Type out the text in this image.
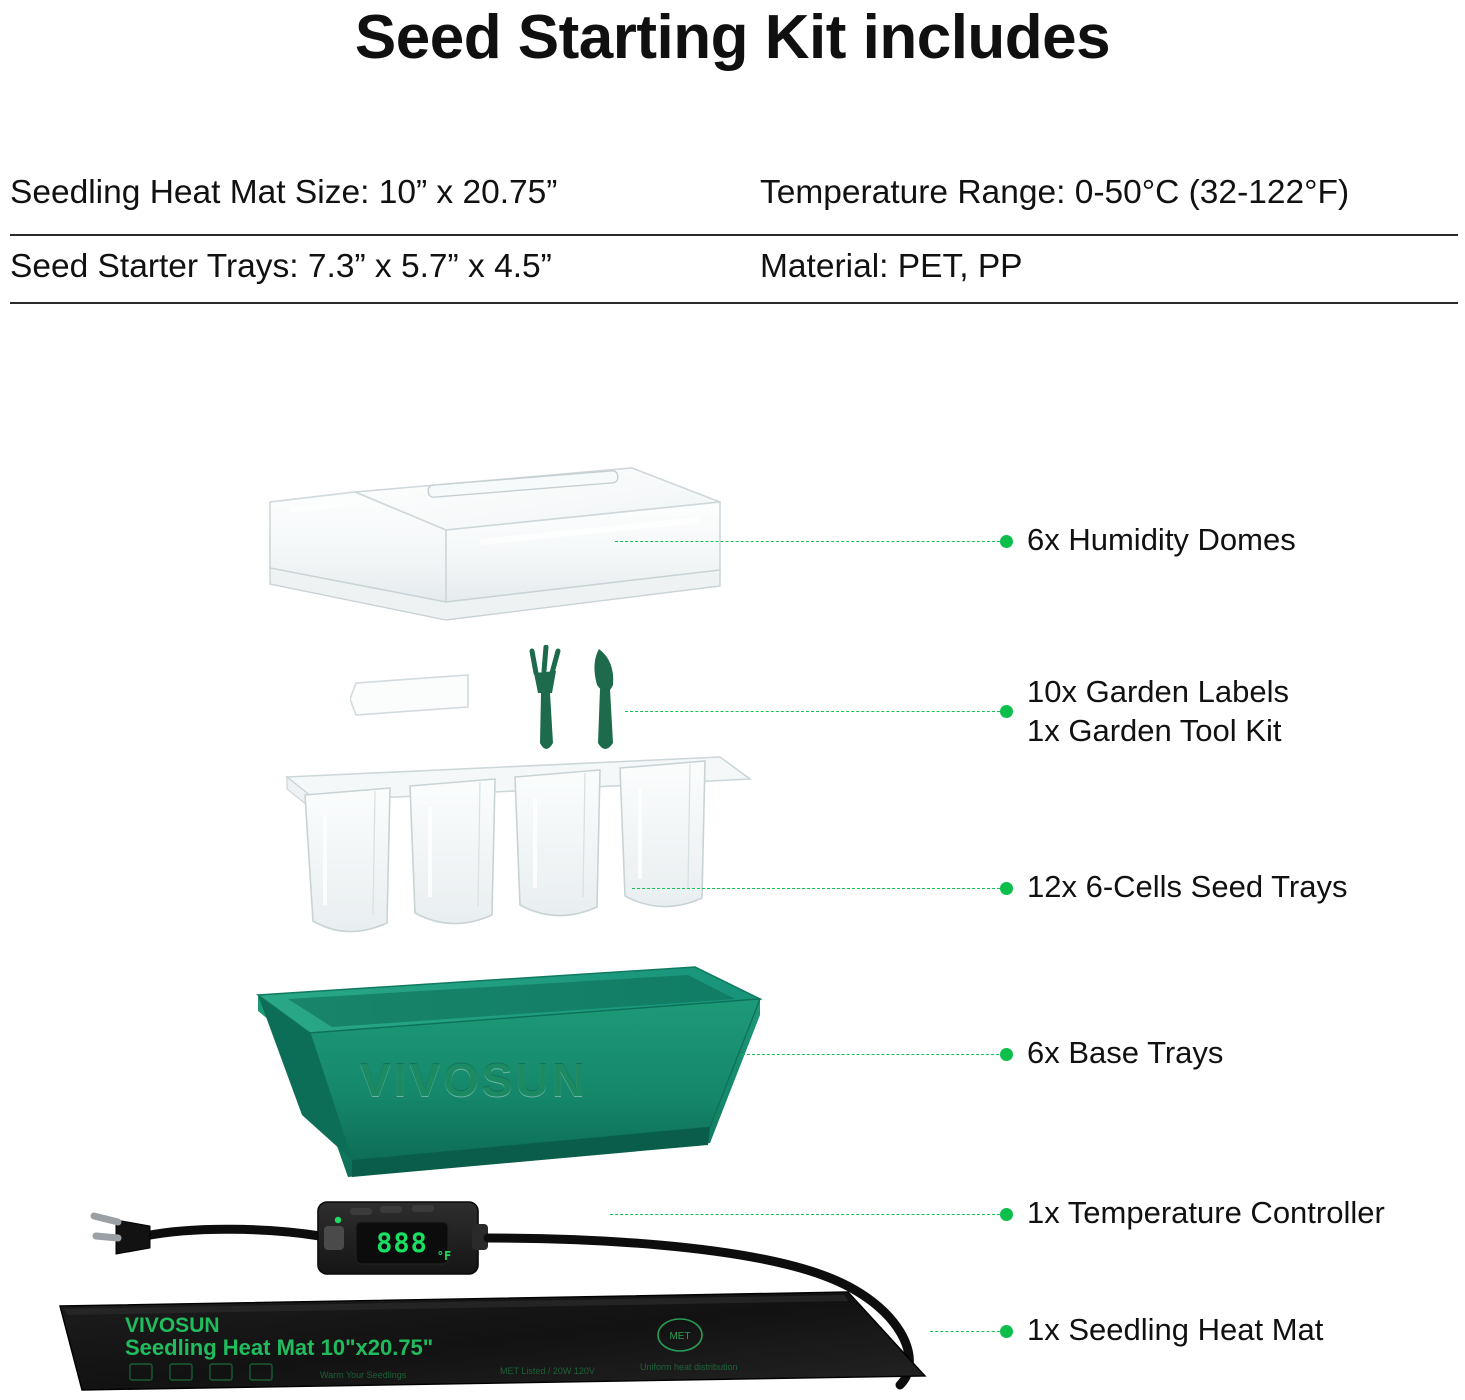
Seed Starting Kit includes
Seedling Heat Mat Size: 10” x 20.75”	Temperature Range: 0-50°C (32-122°F)
Seed Starter Trays: 7.3” x 5.7” x 4.5”	Material: PET, PP
6x Humidity Domes
10x Garden Labels
1x Garden Tool Kit
12x 6-Cells Seed Trays
VIVOSUN
6x Base Trays
888 °F
VIVOSUN
Seedling Heat Mat 10"x20.75"
Warm Your Seedlings	MET Listed / 20W 120V	Uniform heat distribution
MET
1x Temperature Controller
1x Seedling Heat Mat
